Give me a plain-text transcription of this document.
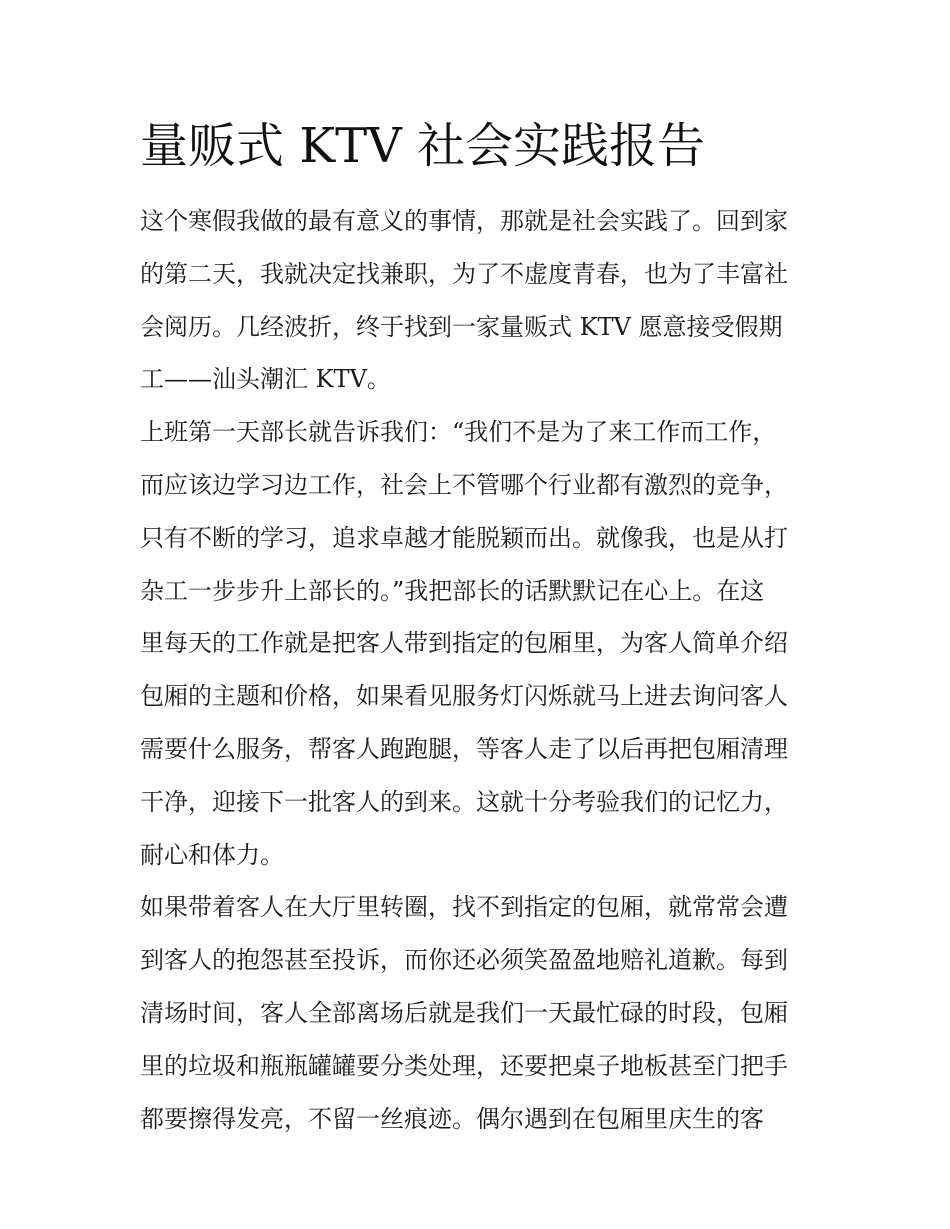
量贩式 KTV 社会实践报告
这个寒假我做的最有意义的事情，那就是社会实践了。回到家
的第二天，我就决定找兼职，为了不虚度青春，也为了丰富社
会阅历。几经波折，终于找到一家量贩式 KTV 愿意接受假期
工——汕头潮汇 KTV。
上班第一天部长就告诉我们：“我们不是为了来工作而工作，
而应该边学习边工作，社会上不管哪个行业都有激烈的竞争，
只有不断的学习，追求卓越才能脱颖而出。就像我，也是从打
杂工一步步升上部长的。”我把部长的话默默记在心上。在这
里每天的工作就是把客人带到指定的包厢里，为客人简单介绍
包厢的主题和价格，如果看见服务灯闪烁就马上进去询问客人
需要什么服务，帮客人跑跑腿，等客人走了以后再把包厢清理
干净，迎接下一批客人的到来。这就十分考验我们的记忆力，
耐心和体力。
如果带着客人在大厅里转圈，找不到指定的包厢，就常常会遭
到客人的抱怨甚至投诉，而你还必须笑盈盈地赔礼道歉。每到
清场时间，客人全部离场后就是我们一天最忙碌的时段，包厢
里的垃圾和瓶瓶罐罐要分类处理，还要把桌子地板甚至门把手
都要擦得发亮，不留一丝痕迹。偶尔遇到在包厢里庆生的客
